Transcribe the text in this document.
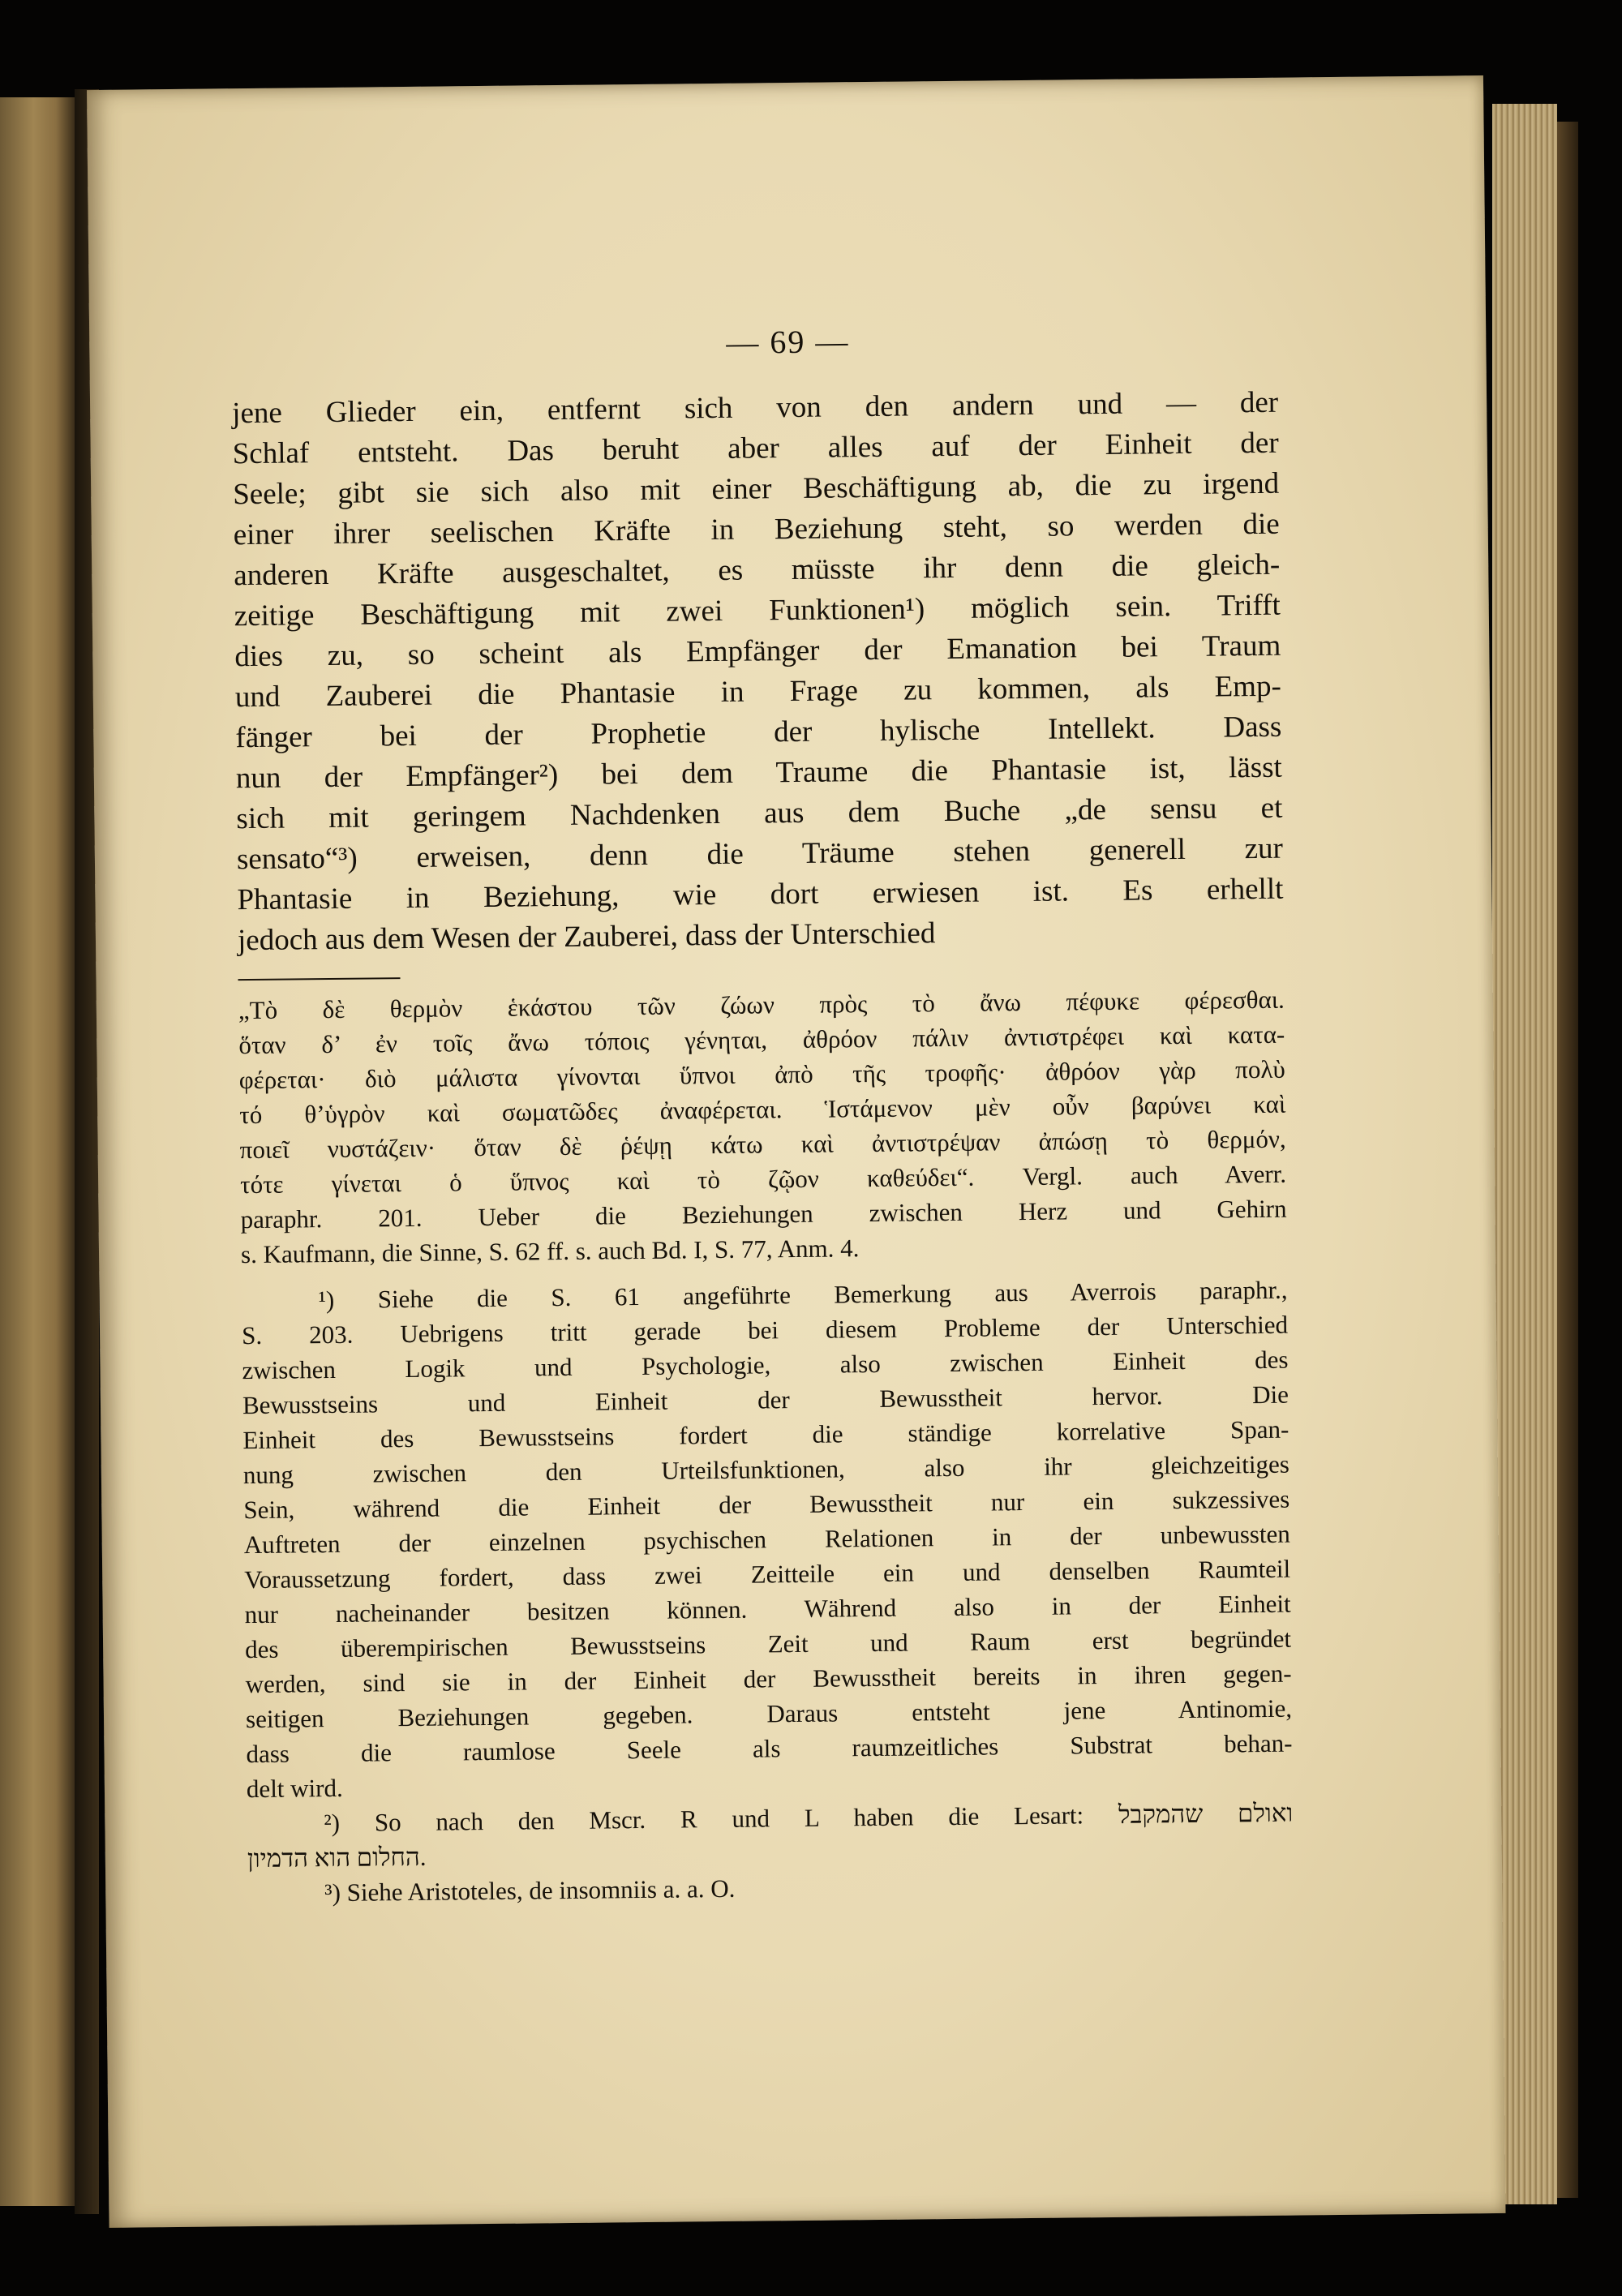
— 69 —
jene Glieder ein, entfernt sich von den andern und — der
Schlaf entsteht. Das beruht aber alles auf der Einheit der
Seele; gibt sie sich also mit einer Beschäftigung ab, die zu irgend
einer ihrer seelischen Kräfte in Beziehung steht, so werden die
anderen Kräfte ausgeschaltet, es müsste ihr denn die gleich-
zeitige Beschäftigung mit zwei Funktionen¹) möglich sein. Trifft
dies zu, so scheint als Empfänger der Emanation bei Traum
und Zauberei die Phantasie in Frage zu kommen, als Emp-
fänger bei der Prophetie der hylische Intellekt. Dass
nun der Empfänger²) bei dem Traume die Phantasie ist, lässt
sich mit geringem Nachdenken aus dem Buche „de sensu et
sensato“³) erweisen, denn die Träume stehen generell zur
Phantasie in Beziehung, wie dort erwiesen ist. Es erhellt
jedoch aus dem Wesen der Zauberei, dass der Unterschied
„Τὸ δὲ θερμὸν ἑκάστου τῶν ζώων πρὸς τὸ ἄνω πέφυκε φέρεσθαι.
ὅταν δ’ ἐν τοῖς ἄνω τόποις γένηται, ἀθρόον πάλιν ἀντιστρέφει καὶ κατα-
φέρεται· διὸ μάλιστα γίνονται ὕπνοι ἀπὸ τῆς τροφῆς· ἀθρόον γὰρ πολὺ
τό θ’ὑγρὸν καὶ σωματῶδες ἀναφέρεται. Ἱστάμενον μὲν οὖν βαρύνει καὶ
ποιεῖ νυστάζειν· ὅταν δὲ ῥέψῃ κάτω καὶ ἀντιστρέψαν ἀπώσῃ τὸ θερμόν,
τότε γίνεται ὁ ὕπνος καὶ τὸ ζῷον καθεύδει“. Vergl. auch Averr.
paraphr. 201. Ueber die Beziehungen zwischen Herz und Gehirn
s. Kaufmann, die Sinne, S. 62 ff. s. auch Bd. I, S. 77, Anm. 4.
¹) Siehe die S. 61 angeführte Bemerkung aus Averrois paraphr.,
S. 203. Uebrigens tritt gerade bei diesem Probleme der Unterschied
zwischen Logik und Psychologie, also zwischen Einheit des
Bewusstseins und Einheit der Bewusstheit hervor. Die
Einheit des Bewusstseins fordert die ständige korrelative Span-
nung zwischen den Urteilsfunktionen, also ihr gleichzeitiges
Sein, während die Einheit der Bewusstheit nur ein sukzessives
Auftreten der einzelnen psychischen Relationen in der unbewussten
Voraussetzung fordert, dass zwei Zeitteile ein und denselben Raumteil
nur nacheinander besitzen können. Während also in der Einheit
des überempirischen Bewusstseins Zeit und Raum erst begründet
werden, sind sie in der Einheit der Bewusstheit bereits in ihren gegen-
seitigen Beziehungen gegeben. Daraus entsteht jene Antinomie,
dass die raumlose Seele als raumzeitliches Substrat behan-
delt wird.
²) So nach den Mscr. R und L haben die Lesart: ואולם שהמקבל
החלום הוא הדמיון.
³) Siehe Aristoteles, de insomniis a. a. O.
